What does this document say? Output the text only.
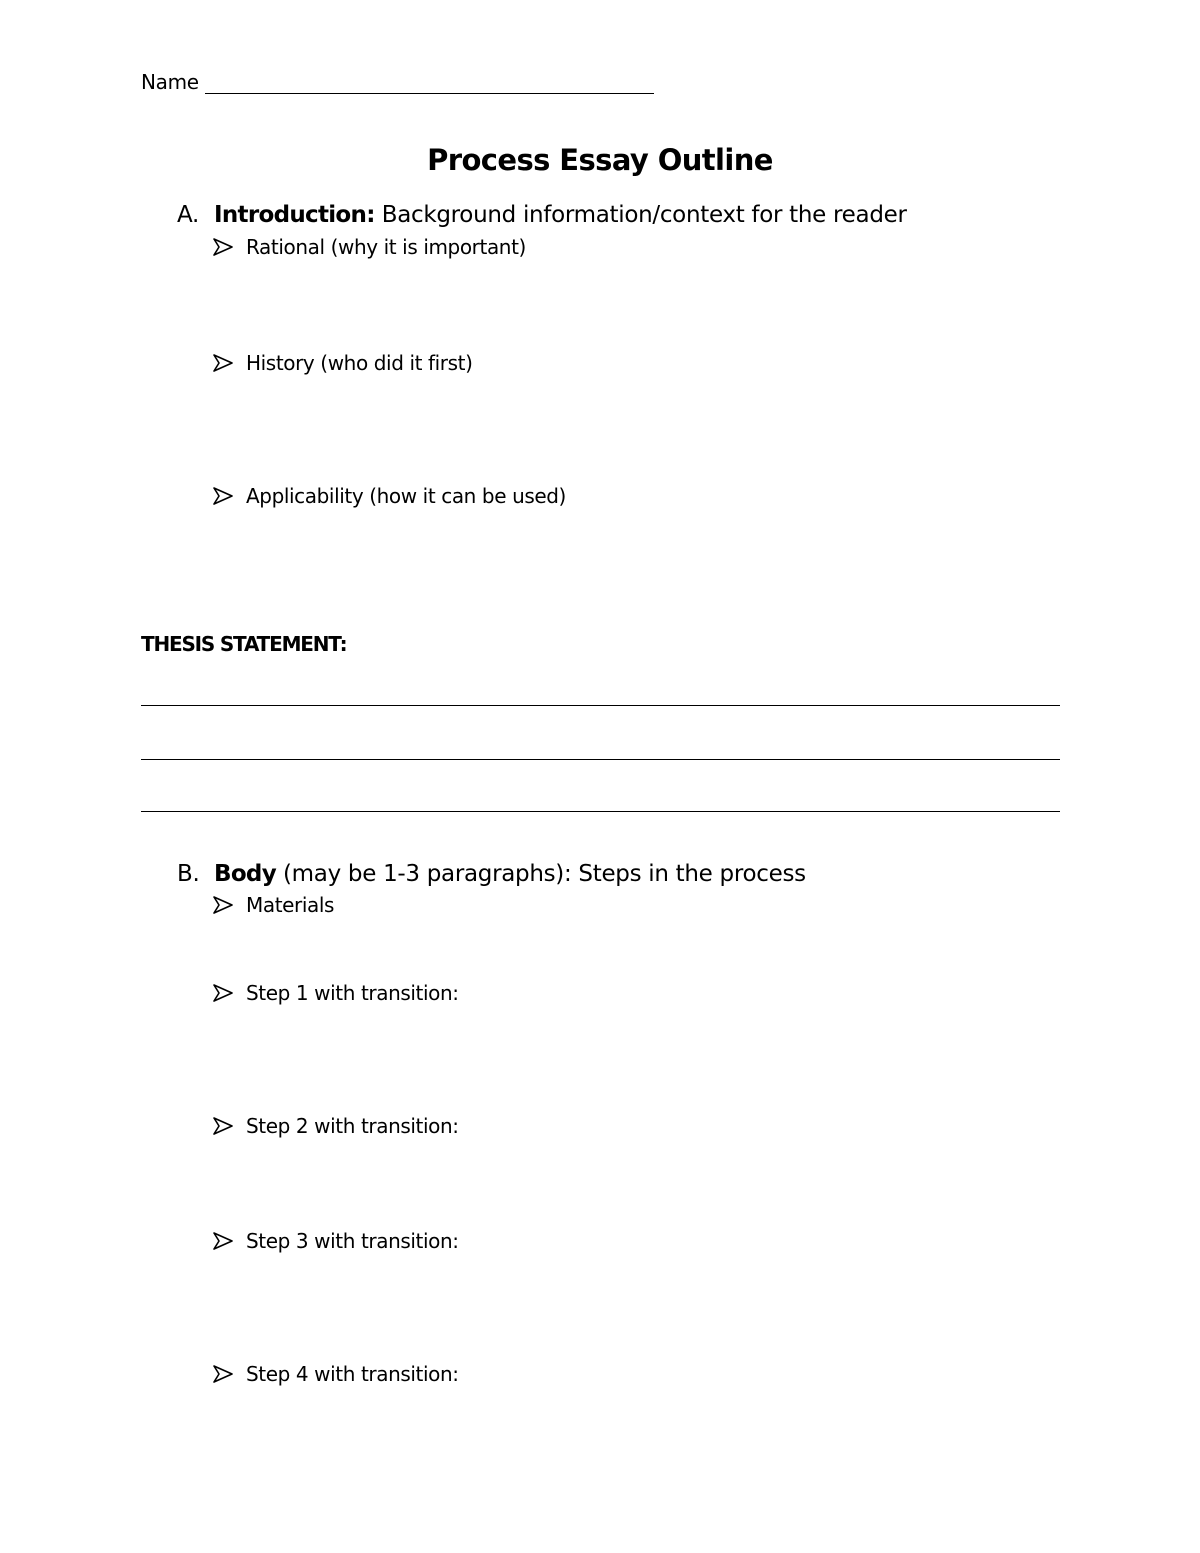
Name
Process Essay Outline
A. Introduction: Background information/context for the reader
Rational (why it is important)
History (who did it first)
Applicability (how it can be used)
THESIS STATEMENT:
B. Body (may be 1-3 paragraphs): Steps in the process
Materials
Step 1 with transition:
Step 2 with transition:
Step 3 with transition:
Step 4 with transition:
